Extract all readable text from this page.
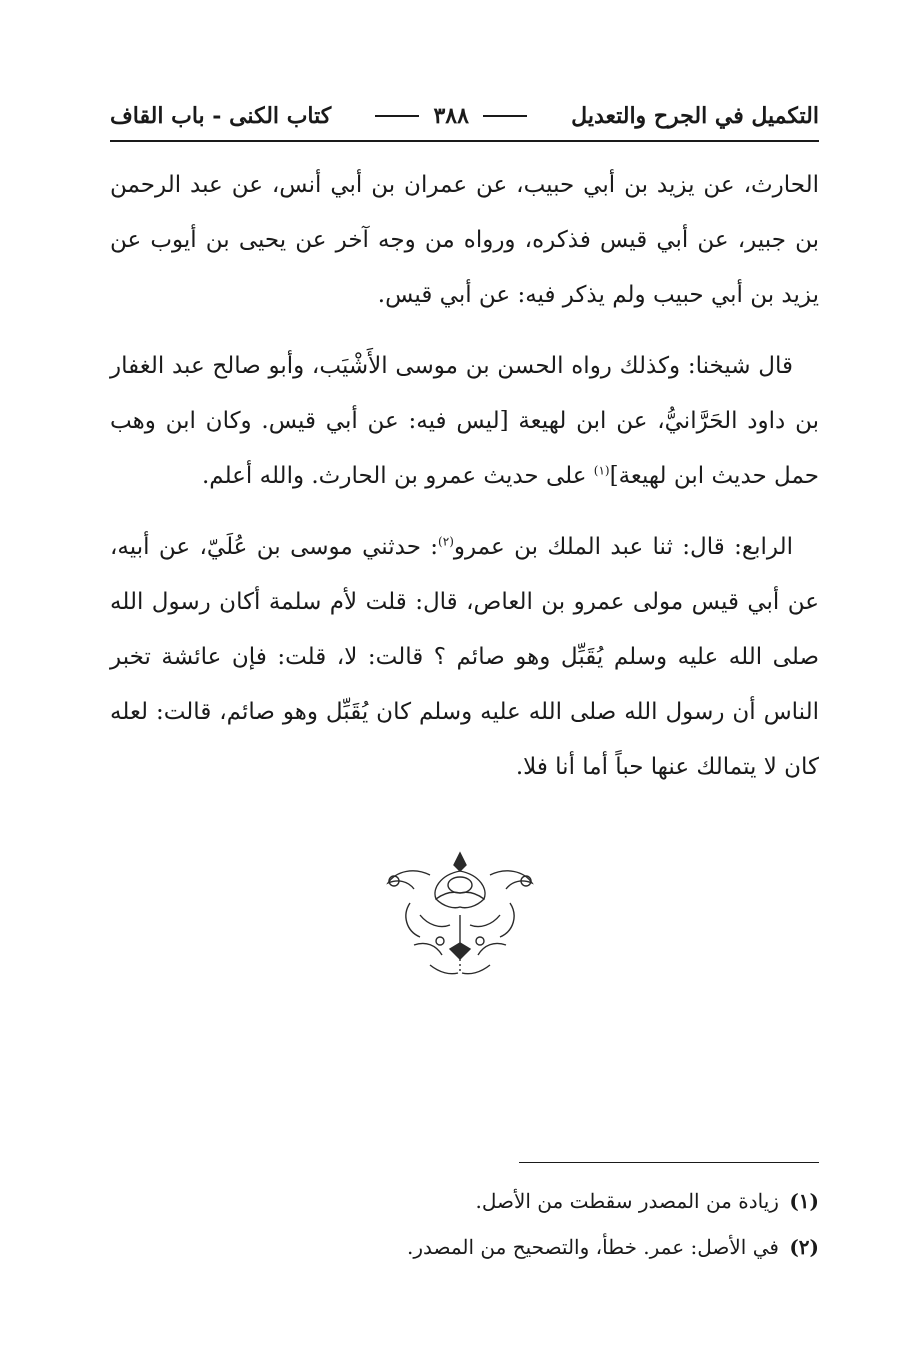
التكميل في الجرح والتعديل
٣٨٨
كتاب الكنى - باب القاف

الحارث، عن يزيد بن أبي حبيب، عن عمران بن أبي أنس، عن عبد الرحمن بن جبير، عن أبي قيس فذكره، ورواه من وجه آخر عن يحيى بن أيوب عن يزيد بن أبي حبيب ولم يذكر فيه: عن أبي قيس.

قال شيخنا: وكذلك رواه الحسن بن موسى الأَشْيَب، وأبو صالح عبد الغفار بن داود الحَرَّانيُّ، عن ابن لهيعة [ليس فيه: عن أبي قيس. وكان ابن وهب حمل حديث ابن لهيعة]$^{(١)}$ على حديث عمرو بن الحارث. والله أعلم.

الرابع: قال: ثنا عبد الملك بن عمرو$^{(٢)}$: حدثني موسى بن عُلَيّ، عن أبيه، عن أبي قيس مولى عمرو بن العاص، قال: قلت لأم سلمة أكان رسول الله صلى الله عليه وسلم يُقَبِّل وهو صائم ؟ قالت: لا، قلت: فإن عائشة تخبر الناس أن رسول الله صلى الله عليه وسلم كان يُقَبِّل وهو صائم، قالت: لعله كان لا يتمالك عنها حباً أما أنا فلا.

(١) زيادة من المصدر سقطت من الأصل.

(٢) في الأصل: عمر. خطأ، والتصحيح من المصدر.
